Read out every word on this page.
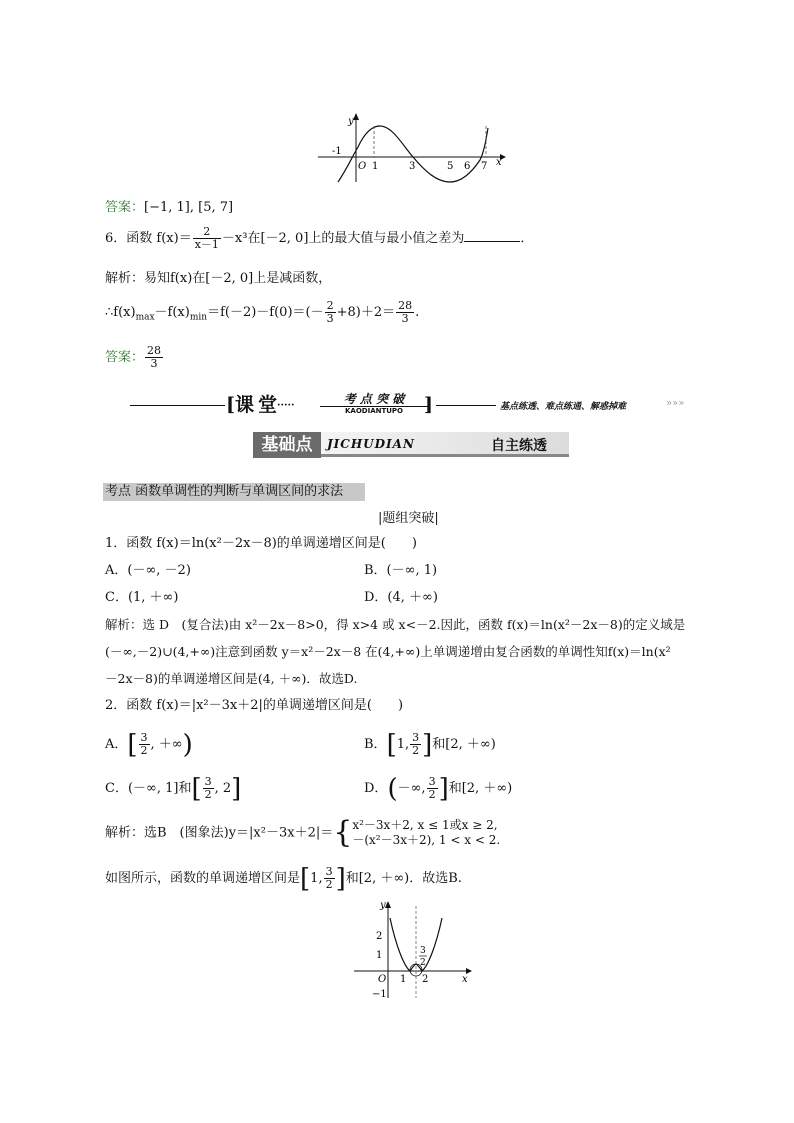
y
x
-1
O 1	3	5 6 7
答案：[−1, 1], [5, 7]
6．函数 $f(x)= \frac{2}{x-1} -x^3$在[－2, 0]上的最大值与最小值之差为	．
解析：易知f(x)在[－2, 0]上是减函数，
$\therefore f(x)_{max}-f(x)_{min}=f(-2)-f(0)=(- \frac{2}{3} +8)+2= \frac{28}{3}$ .
答案： $\frac{28}{3}$
[课 堂·····	考 点 突 破
KAODIANTUPO	]	基点练透、难点练通、解惑掉难	»»»
基础点	JICHUDIAN	自主练透
考点 函数单调性的判断与单调区间的求法
|题组突破|
1．函数 f(x)＝ln(x²－2x－8)的单调递增区间是(　　)
A．(－∞, －2)	B．(－∞, 1)
C．(1, ＋∞)	D．(4, ＋∞)
解析：选 D　(复合法)由 x²－2x－8>0，得 x>4 或 x<－2.因此，函数 f(x)＝ln(x²－2x－8)的定义域是
(－∞,－2)∪(4,+∞)注意到函数 y＝x²－2x－8 在(4,+∞)上单调递增由复合函数的单调性知f(x)＝ln(x²
－2x－8)的单调递增区间是(4, ＋∞)．故选D.
2．函数 f(x)＝|x²－3x＋2|的单调递增区间是(　　)
A．[ $\frac{3}{2}$ , ＋∞)	B．[1, $\frac{3}{2}$ ]和[2, ＋∞)
C．(－∞, 1]和[ $\frac{3}{2}$ , 2]	D．(－∞, $\frac{3}{2}$ ]和[2, ＋∞)
解析：选B　(图象法)y＝|x²－3x＋2|＝{ x²－3x＋2, x ≤ 1或x ≥ 2,
－(x²－3x＋2), 1 < x < 2.
如图所示，函数的单调递增区间是[1, $\frac{3}{2}$ ]和[2, ＋∞)．故选B.
y
x
2
1
O
−1
1 2
3
2
